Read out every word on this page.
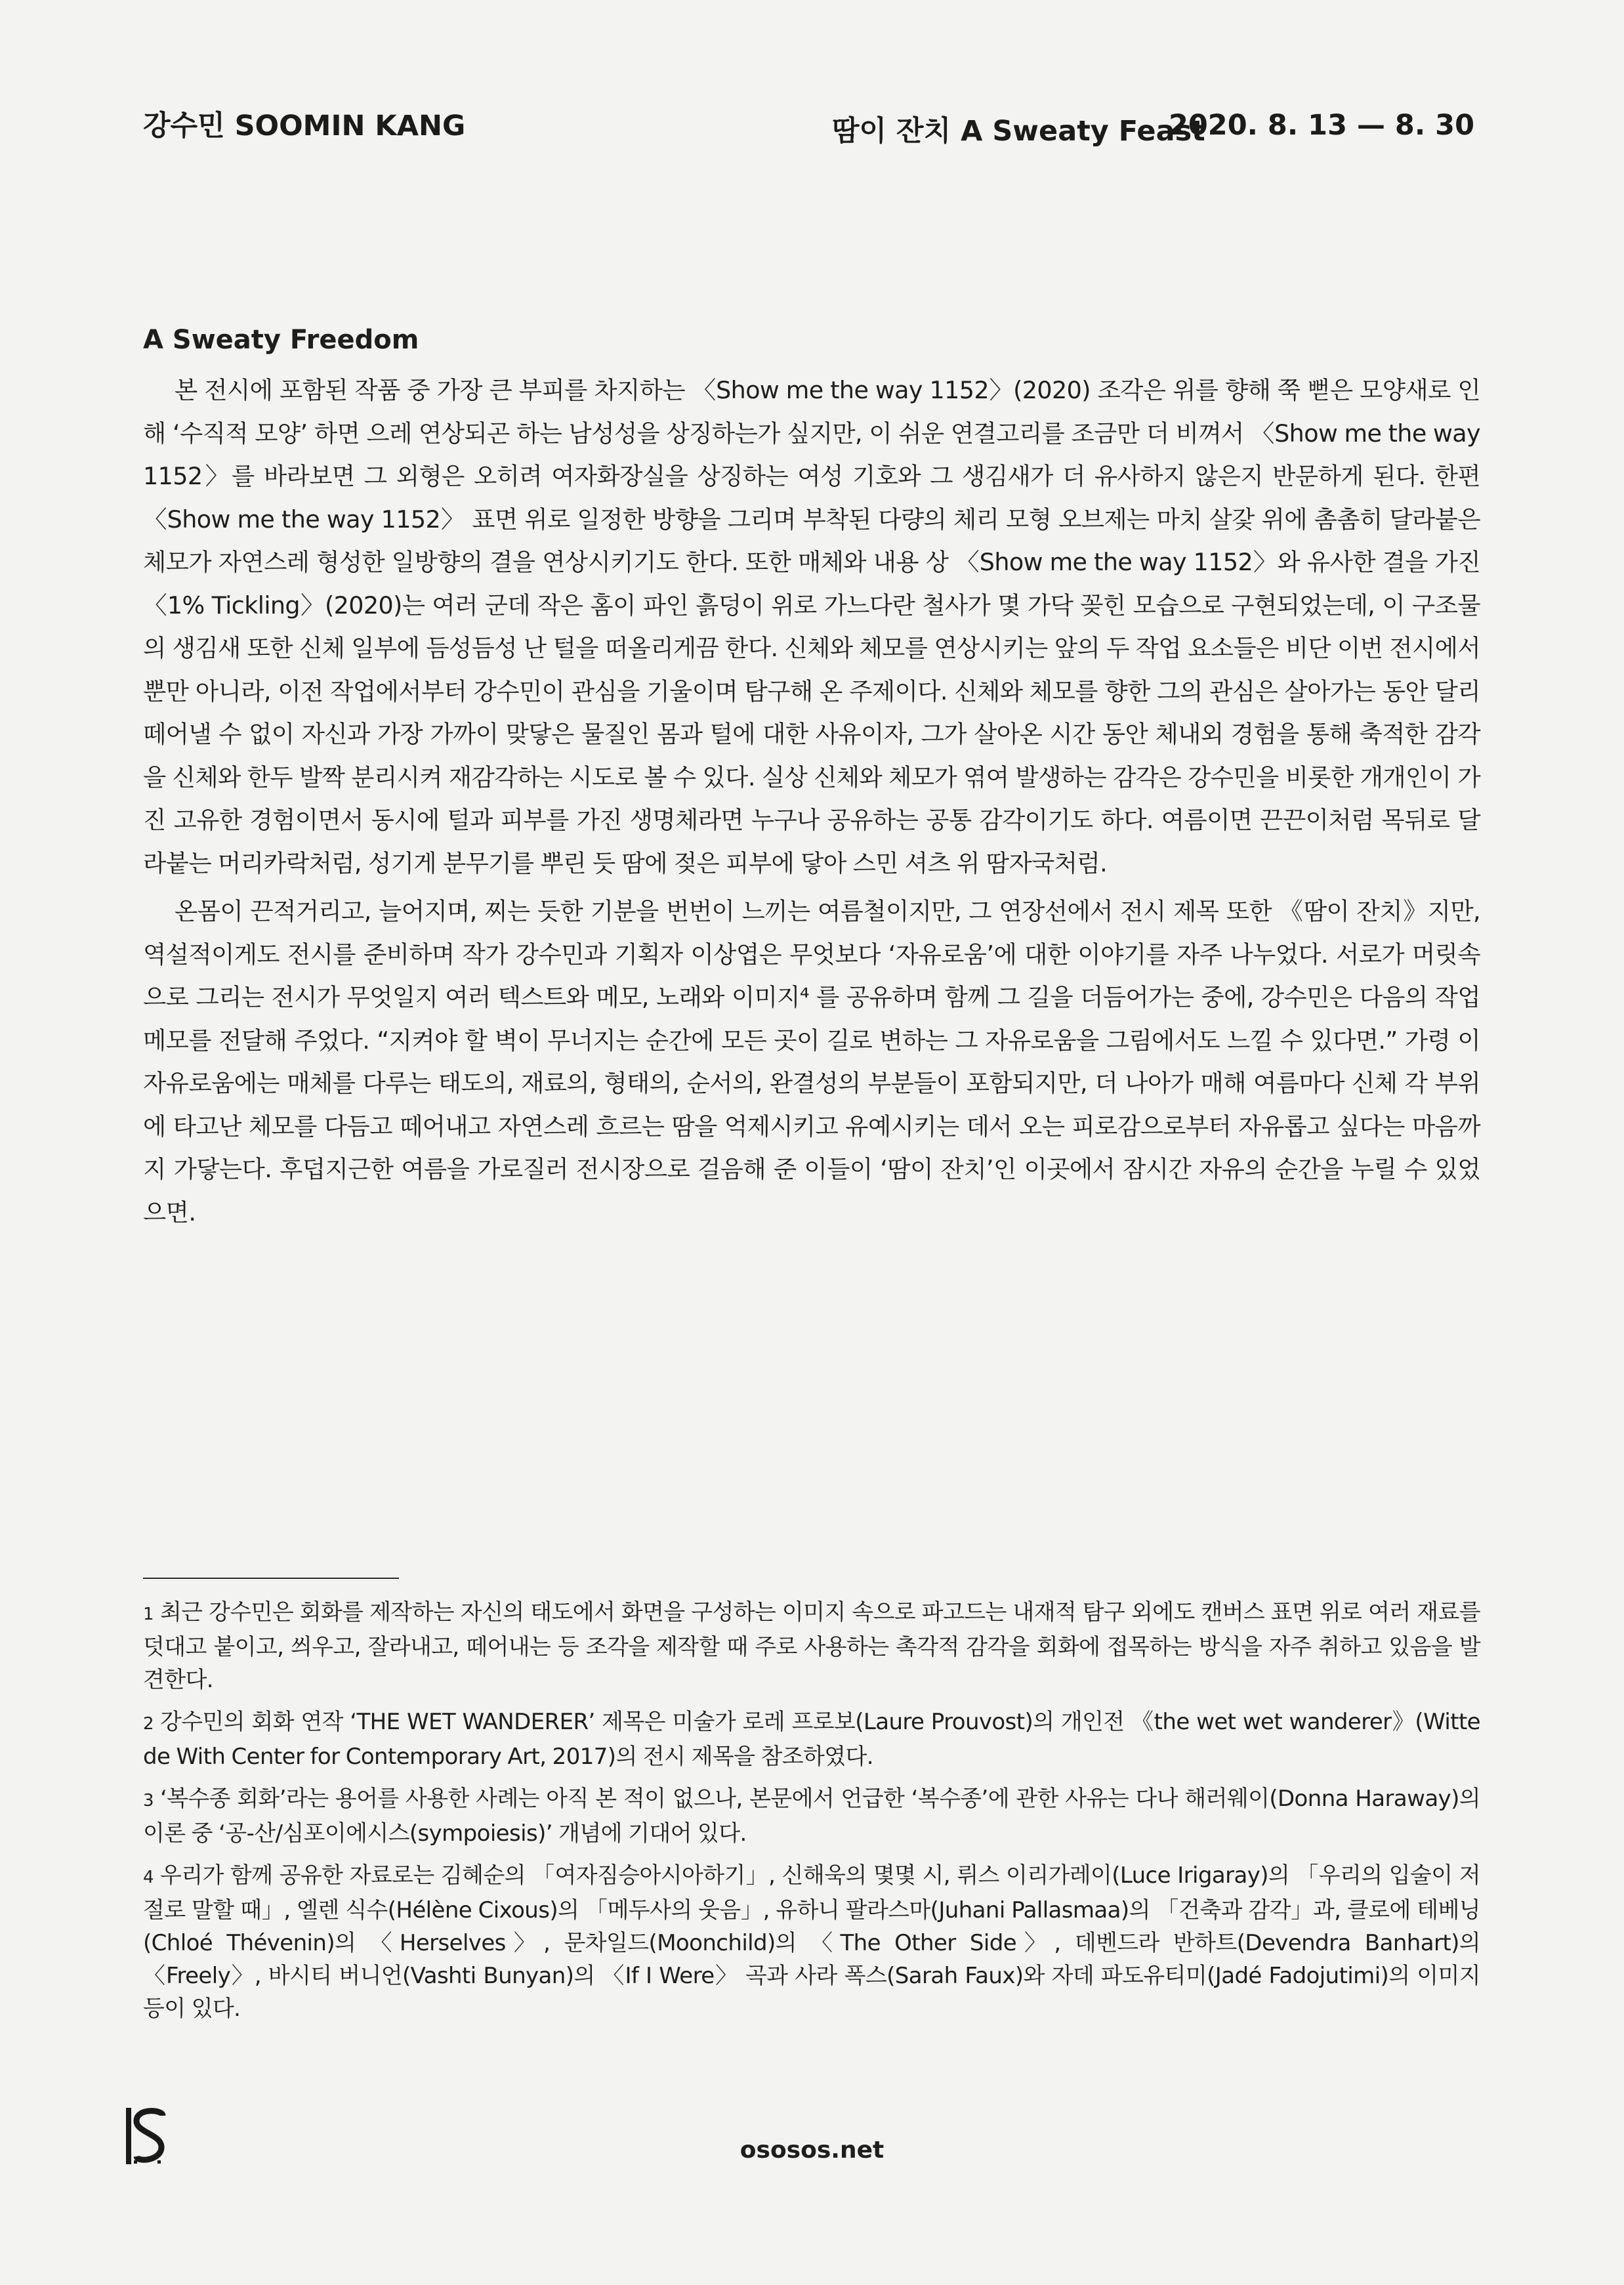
강수민 SOOMIN KANG	땀이 잔치 A Sweaty Feast
2020. 8. 13 — 8. 30
A Sweaty Freedom

본 전시에 포함된 작품 중 가장 큰 부피를 차지하는 〈Show me the way 1152〉(2020) 조각은 위를 향해 쭉 뻗은 모양새로 인해 ‘수직적 모양’ 하면 으레 연상되곤 하는 남성성을 상징하는가 싶지만, 이 쉬운 연결고리를 조금만 더 비껴서 〈Show me the way 1152〉를 바라보면 그 외형은 오히려 여자화장실을 상징하는 여성 기호와 그 생김새가 더 유사하지 않은지 반문하게 된다. 한편 〈Show me the way 1152〉 표면 위로 일정한 방향을 그리며 부착된 다량의 체리 모형 오브제는 마치 살갗 위에 촘촘히 달라붙은 체모가 자연스레 형성한 일방향의 결을 연상시키기도 한다. 또한 매체와 내용 상 〈Show me the way 1152〉와 유사한 결을 가진 〈1% Tickling〉(2020)는 여러 군데 작은 홈이 파인 흙덩이 위로 가느다란 철사가 몇 가닥 꽂힌 모습으로 구현되었는데, 이 구조물의 생김새 또한 신체 일부에 듬성듬성 난 털을 떠올리게끔 한다. 신체와 체모를 연상시키는 앞의 두 작업 요소들은 비단 이번 전시에서뿐만 아니라, 이전 작업에서부터 강수민이 관심을 기울이며 탐구해 온 주제이다. 신체와 체모를 향한 그의 관심은 살아가는 동안 달리 떼어낼 수 없이 자신과 가장 가까이 맞닿은 물질인 몸과 털에 대한 사유이자, 그가 살아온 시간 동안 체내외 경험을 통해 축적한 감각을 신체와 한두 발짝 분리시켜 재감각하는 시도로 볼 수 있다. 실상 신체와 체모가 엮여 발생하는 감각은 강수민을 비롯한 개개인이 가진 고유한 경험이면서 동시에 털과 피부를 가진 생명체라면 누구나 공유하는 공통 감각이기도 하다. 여름이면 끈끈이처럼 목뒤로 달라붙는 머리카락처럼, 성기게 분무기를 뿌린 듯 땀에 젖은 피부에 닿아 스민 셔츠 위 땀자국처럼.

온몸이 끈적거리고, 늘어지며, 찌는 듯한 기분을 번번이 느끼는 여름철이지만, 그 연장선에서 전시 제목 또한 《땀이 잔치》지만, 역설적이게도 전시를 준비하며 작가 강수민과 기획자 이상엽은 무엇보다 ‘자유로움’에 대한 이야기를 자주 나누었다. 서로가 머릿속으로 그리는 전시가 무엇일지 여러 텍스트와 메모, 노래와 이미지⁴ 를 공유하며 함께 그 길을 더듬어가는 중에, 강수민은 다음의 작업 메모를 전달해 주었다. “지켜야 할 벽이 무너지는 순간에 모든 곳이 길로 변하는 그 자유로움을 그림에서도 느낄 수 있다면.” 가령 이 자유로움에는 매체를 다루는 태도의, 재료의, 형태의, 순서의, 완결성의 부분들이 포함되지만, 더 나아가 매해 여름마다 신체 각 부위에 타고난 체모를 다듬고 떼어내고 자연스레 흐르는 땀을 억제시키고 유예시키는 데서 오는 피로감으로부터 자유롭고 싶다는 마음까지 가닿는다. 후덥지근한 여름을 가로질러 전시장으로 걸음해 준 이들이 ‘땀이 잔치’인 이곳에서 잠시간 자유의 순간을 누릴 수 있었으면.

1 최근 강수민은 회화를 제작하는 자신의 태도에서 화면을 구성하는 이미지 속으로 파고드는 내재적 탐구 외에도 캔버스 표면 위로 여러 재료를 덧대고 붙이고, 씌우고, 잘라내고, 떼어내는 등 조각을 제작할 때 주로 사용하는 촉각적 감각을 회화에 접목하는 방식을 자주 취하고 있음을 발견한다.

2 강수민의 회화 연작 ‘THE WET WANDERER’ 제목은 미술가 로레 프로보(Laure Prouvost)의 개인전 《the wet wet wanderer》(Witte de With Center for Contemporary Art, 2017)의 전시 제목을 참조하였다.

3 ‘복수종 회화’라는 용어를 사용한 사례는 아직 본 적이 없으나, 본문에서 언급한 ‘복수종’에 관한 사유는 다나 해러웨이(Donna Haraway)의 이론 중 ‘공-산/심포이에시스(sympoiesis)’ 개념에 기대어 있다.

4 우리가 함께 공유한 자료로는 김혜순의 「여자짐승아시아하기」, 신해욱의 몇몇 시, 뤼스 이리가레이(Luce Irigaray)의 「우리의 입술이 저절로 말할 때」, 엘렌 식수(Hélène Cixous)의 「메두사의 웃음」, 유하니 팔라스마(Juhani Pallasmaa)의 「건축과 감각」과, 클로에 테베닝(Chloé Thévenin)의 〈Herselves〉, 문차일드(Moonchild)의 〈The Other Side〉, 데벤드라 반하트(Devendra Banhart)의 〈Freely〉, 바시티 버니언(Vashti Bunyan)의 〈If I Were〉 곡과 사라 폭스(Sarah Faux)와 자데 파도유티미(Jadé Fadojutimi)의 이미지 등이 있다.

ososos.net
